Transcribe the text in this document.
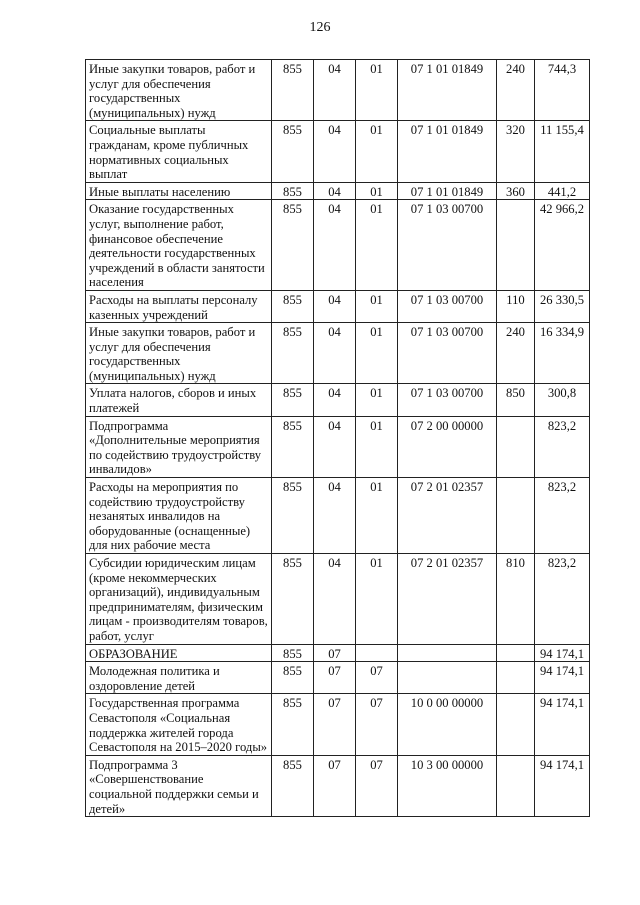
126
Иные закупки товаров, работ и услуг для обеспечения государственных (муниципальных) нужд	855	04	01	07 1 01 01849	240	744,3
Социальные выплаты гражданам, кроме публичных нормативных социальных выплат	855	04	01	07 1 01 01849	320	11 155,4
Иные выплаты населению	855	04	01	07 1 01 01849	360	441,2
Оказание государственных услуг, выполнение работ, финансовое обеспечение деятельности государственных учреждений в области занятости населения	855	04	01	07 1 03 00700		42 966,2
Расходы на выплаты персоналу казенных учреждений	855	04	01	07 1 03 00700	110	26 330,5
Иные закупки товаров, работ и услуг для обеспечения государственных (муниципальных) нужд	855	04	01	07 1 03 00700	240	16 334,9
Уплата налогов, сборов и иных платежей	855	04	01	07 1 03 00700	850	300,8
Подпрограмма «Дополнительные мероприятия по содействию трудоустройству инвалидов»	855	04	01	07 2 00 00000		823,2
Расходы на мероприятия по содействию трудоустройству незанятых инвалидов на оборудованные (оснащенные) для них рабочие места	855	04	01	07 2 01 02357		823,2
Субсидии юридическим лицам (кроме некоммерческих организаций), индивидуальным предпринимателям, физическим лицам - производителям товаров, работ, услуг	855	04	01	07 2 01 02357	810	823,2
ОБРАЗОВАНИЕ	855	07				94 174,1
Молодежная политика и оздоровление детей	855	07	07			94 174,1
Государственная программа Севастополя «Социальная поддержка жителей города Севастополя на 2015–2020 годы»	855	07	07	10 0 00 00000		94 174,1
Подпрограмма 3 «Совершенствование социальной поддержки семьи и детей»	855	07	07	10 3 00 00000		94 174,1
